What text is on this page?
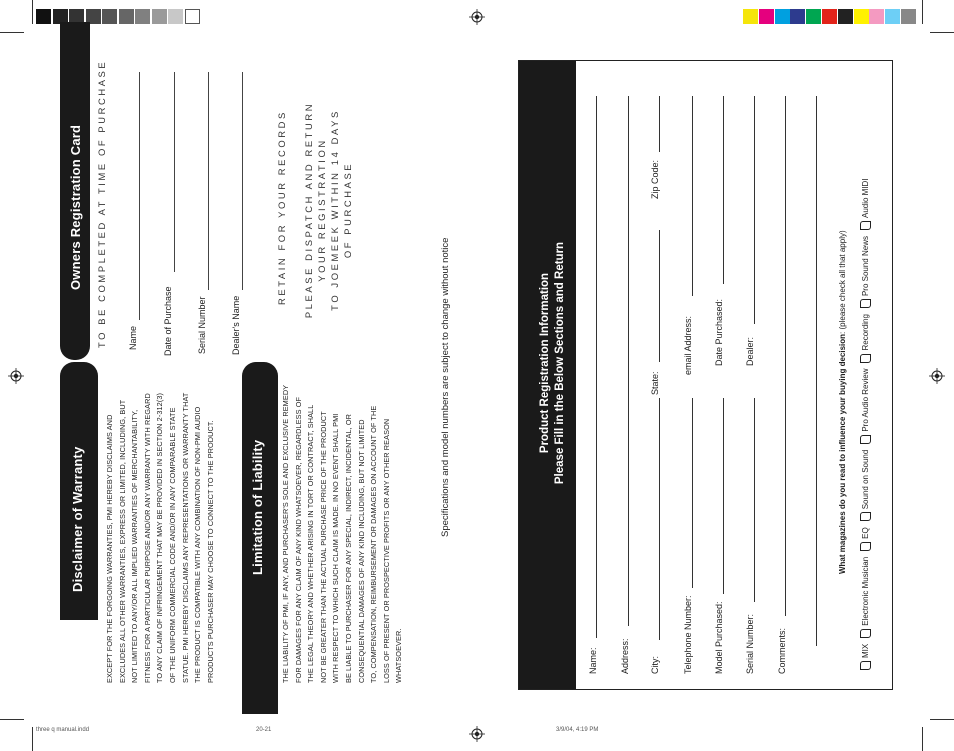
Disclaimer of Warranty	EXCEPT FOR THE FORGOING WARRANTIES, PMI HEREBY DISCLAIMS AND EXCLUDES ALL OTHER WARRANTIES, EXPRESS OR LIMITED, INCLUDING, BUT NOT LIMITED TO ANY/OR ALL IMPLIED WARRANTIES OF MERCHANTABILITY, FITNESS FOR A PARTICULAR PURPOSE AND/OR ANY WARRANTY WITH REGARD TO ANY CLAIM OF INFRINGEMENT THAT MAY BE PROVIDED IN SECTION 2-312(3) OF THE UNIFORM COMMERCIAL CODE AND/OR IN ANY COMPARABLE STATE STATUE. PMI HEREBY DISCLAIMS ANY REPRESENTATIONS OR WARRANTY THAT THE PRODUCT IS COMPATIBLE WITH ANY COMBINATION OF NON-PMI AUDIO PRODUCTS PURCHASER MAY CHOOSE TO CONNECT TO THE PRODUCT.	Limitation of Liability THE LIABILITY OF PMI, IF ANY, AND PURCHASER'S SOLE AND EXCLUSIVE REMEDY FOR DAMAGES FOR ANY CLAIM OF ANY KIND WHATSOEVER, REGARDLESS OF THE LEGAL THEORY AND WHETHER ARISING IN TORT OR CONTRACT, SHALL NOT BE GREATER THAN THE ACTUAL PURCHASE PRICE OF THE PRODUCT WITH RESPECT TO WHICH SUCH CLAIM IS MADE. IN NO EVENT SHALL PMI BE LIABLE TO PURCHASER FOR ANY SPECIAL, INDIRECT, INCIDENTAL, OR CONSEQUENTIAL DAMAGES OF ANY KIND INCLUDING, BUT NOT LIMITED TO, COMPENSATION, REIMBURSEMENT OR DAMAGES ON ACCOUNT OF THE LOSS OF PRESENT OR PROSPECTIVE PROFITS OR ANY OTHER REASON WHATSOEVER.
Owners Registration Card TO BE COMPLETED AT TIME OF PURCHASE Name	Date of Purchase	Serial Number	Dealer's Name
RETAIN FOR YOUR RECORDS PLEASE DISPATCH AND RETURN YOUR REGISTRATION TO JOEMEEK WITHIN 14 DAYS OF PURCHASE
Specifications and model numbers are subject to change without notice	Product Registration Information Please Fill in the Below Sections and Return
Name: Address: City:
State:
Zip Code:
Telephone Number:
email Address:
Model Purchased:
Date Purchased:
Serial Number:
Dealer:
Comments:
What magazines do you read to influence your buying decision: (please check all that apply)
MIX
Electronic Musician
EQ
Sound on Sound
Pro Audio Review
Recording
Pro Sound News
Audio MIDI
three q manual.indd	20-21	3/9/04, 4:19 PM
